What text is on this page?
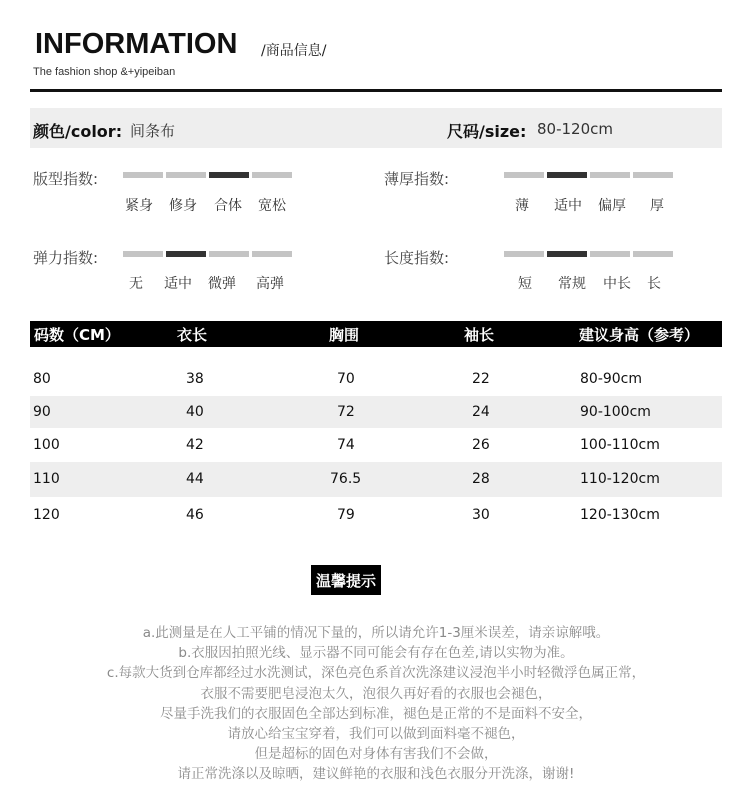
INFORMATION /商品信息/
The fashion shop &+yipeiban
颜色/color: 间条布	尺码/size: 80-120cm
版型指数:
紧身 修身 合体 宽松
薄厚指数:
薄 适中 偏厚 厚
弹力指数:
无 适中 微弹 高弹
长度指数:
短 常规 中长 长
码数（CM）	衣长	胸围	袖长	建议身高（参考）
80	38	70	22	80-90cm
90	40	72	24	90-100cm
100	42	74	26	100-110cm
110	44	76.5	28	110-120cm
120	46	79	30	120-130cm
温馨提示
a.此测量是在人工平铺的情况下量的，所以请允许1-3厘米误差，请亲谅解哦。
b.衣服因拍照光线、显示器不同可能会有存在色差,请以实物为准。
c.每款大货到仓库都经过水洗测试，深色亮色系首次洗涤建议浸泡半小时轻微浮色属正常，
衣服不需要肥皂浸泡太久，泡很久再好看的衣服也会褪色，
尽量手洗我们的衣服固色全部达到标准，褪色是正常的不是面料不安全，
请放心给宝宝穿着，我们可以做到面料毫不褪色，
但是超标的固色对身体有害我们不会做，
请正常洗涤以及晾晒，建议鲜艳的衣服和浅色衣服分开洗涤，谢谢!
